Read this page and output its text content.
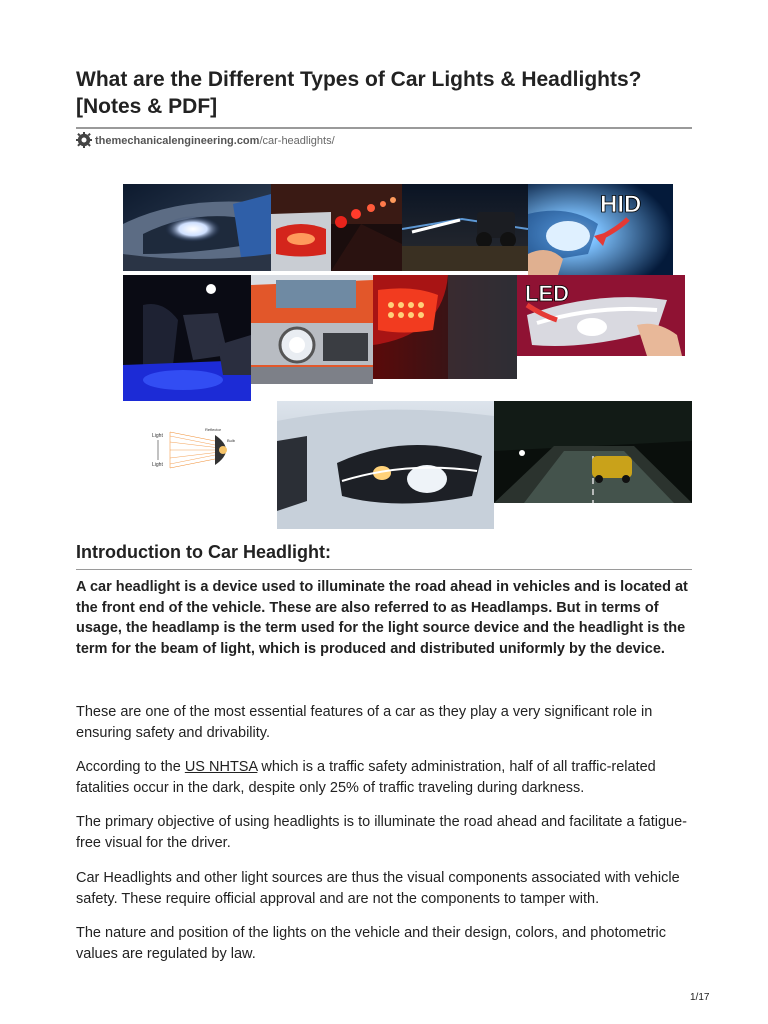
What are the Different Types of Car Lights & Headlights? [Notes & PDF]
themechanicalengineering.com/car-headlights/
HID
LED
Light
Light
Reflector
Bulb
Introduction to Car Headlight:

A car headlight is a device used to illuminate the road ahead in vehicles and is located at the front end of the vehicle. These are also referred to as Headlamps. But in terms of usage, the headlamp is the term used for the light source device and the headlight is the term for the beam of light, which is produced and distributed uniformly by the device.

These are one of the most essential features of a car as they play a very significant role in ensuring safety and drivability.

According to the US NHTSA which is a traffic safety administration, half of all traffic-related fatalities occur in the dark, despite only 25% of traffic traveling during darkness.

The primary objective of using headlights is to illuminate the road ahead and facilitate a fatigue-free visual for the driver.

Car Headlights and other light sources are thus the visual components associated with vehicle safety. These require official approval and are not the components to tamper with.

The nature and position of the lights on the vehicle and their design, colors, and photometric values are regulated by law.

1/17
